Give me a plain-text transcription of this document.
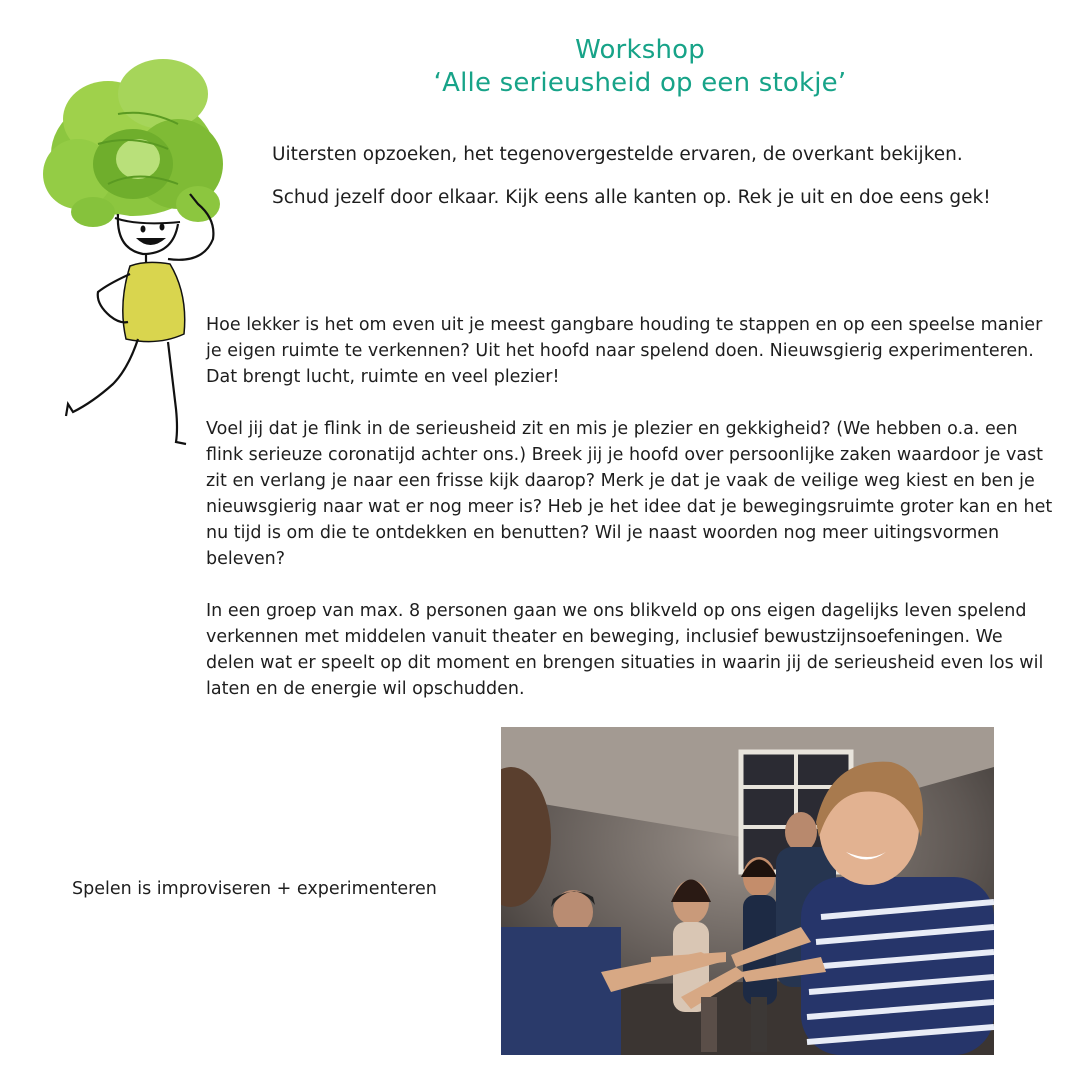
Workshop
‘Alle serieusheid op een stokje’

Uitersten opzoeken, het tegenovergestelde ervaren, de overkant bekijken.

Schud jezelf door elkaar. Kijk eens alle kanten op. Rek je uit en doe eens gek!

Hoe lekker is het om even uit je meest gangbare houding te stappen en op een speelse manier je eigen ruimte te verkennen? Uit het hoofd naar spelend doen. Nieuwsgierig experimenteren. Dat brengt lucht, ruimte en veel plezier!

Voel jij dat je flink in de serieusheid zit en mis je plezier en gekkigheid? (We hebben o.a. een flink serieuze coronatijd achter ons.) Breek jij je hoofd over persoonlijke zaken waardoor je vast zit en verlang je naar een frisse kijk daarop? Merk je dat je vaak de veilige weg kiest en ben je nieuwsgierig naar wat er nog meer is? Heb je het idee dat je bewegingsruimte groter kan en het nu tijd is om die te ontdekken en benutten? Wil je naast woorden nog meer uitingsvormen beleven?

In een groep van max. 8 personen gaan we ons blikveld op ons eigen dagelijks leven spelend verkennen met middelen vanuit theater en beweging, inclusief bewustzijnsoefeningen. We delen wat er speelt op dit moment en brengen situaties in waarin jij de serieusheid even los wil laten en de energie wil opschudden.

Spelen is improviseren + experimenteren
